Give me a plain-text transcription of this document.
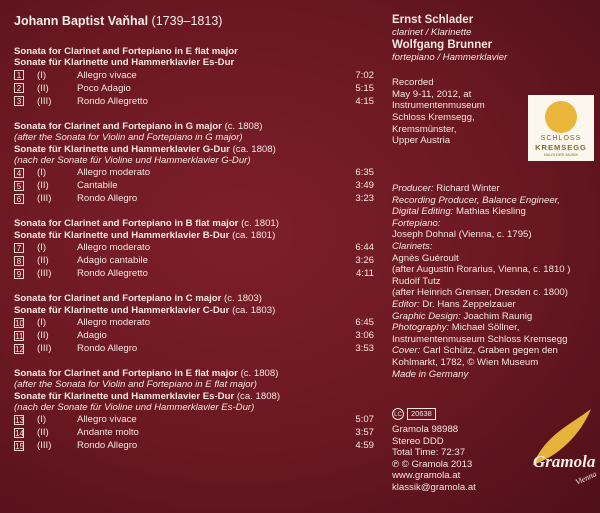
Johann Baptist Vaňhal (1739–1813)
Sonata for Clarinet and Fortepiano in E flat major
Sonate für Klarinette und Hammerklavier Es-Dur
1 (I)	Allegro vivace	7:02
2 (II)	Poco Adagio	5:15
3 (III)	Rondo Allegretto	4:15
Sonata for Clarinet and Fortepiano in G major (c. 1808)
(after the Sonata for Violin and Fortepiano in G major)
Sonate für Klarinette und Hammerklavier G-Dur (ca. 1808)
(nach der Sonate für Violine und Hammerklavier G-Dur)
4 (I)	Allegro moderato	6:35
5 (II)	Cantabile	3:49
6 (III)	Rondo Allegro	3:23
Sonata for Clarinet and Fortepiano in B flat major (c. 1801)
Sonate für Klarinette und Hammerklavier B-Dur (ca. 1801)
7 (I)	Allegro moderato	6:44
8 (II)	Adagio cantabile	3:26
9 (III)	Rondo Allegretto	4:11
Sonata for Clarinet and Fortepiano in C major (c. 1803)
Sonate für Klarinette und Hammerklavier C-Dur (ca. 1803)
10 (I)	Allegro moderato	6:45
11 (II)	Adagio	3:06
12 (III)	Rondo Allegro	3:53
Sonata for Clarinet and Fortepiano in E flat major (c. 1808)
(after the Sonata for Violin and Fortepiano in E flat major)
Sonate für Klarinette und Hammerklavier Es-Dur (ca. 1808)
(nach der Sonate für Violine und Hammerklavier Es-Dur)
13 (I)	Allegro vivace	5:07
14 (II)	Andante molto	3:57
15 (III)	Rondo Allegro	4:59
Ernst Schlader
clarinet / Klarinette
Wolfgang Brunner
fortepiano / Hammerklavier
Recorded
May 9-11, 2012, at
Instrumentenmuseum
Schloss Kremsegg,
Kremsmünster,
Upper Austria	SCHLOSS
KREMSEGG
HAUS DER MUSIK
Producer: Richard Winter
Recording Producer, Balance Engineer,
Digital Editing: Mathias Kiesling
Fortepiano:
Joseph Dohnal (Vienna, c. 1795)
Clarinets:
Agnès Guéroult
(after Augustin Rorarius, Vienna, c. 1810 )
Rudolf Tutz
(after Heinrich Grenser, Dresden c. 1800)
Editor: Dr. Hans Zeppelzauer
Graphic Design: Joachim Raunig
Photography: Michael Söllner,
Instrumentenmuseum Schloss Kremsegg
Cover: Carl Schütz, Graben gegen den
Kohlmarkt, 1782, © Wien Museum
Made in Germany
LC	20638
Gramola 98988
Stereo DDD
Total Time: 72:37
℗ © Gramola 2013
www.gramola.at
klassik@gramola.at
Gramola
Vienna
